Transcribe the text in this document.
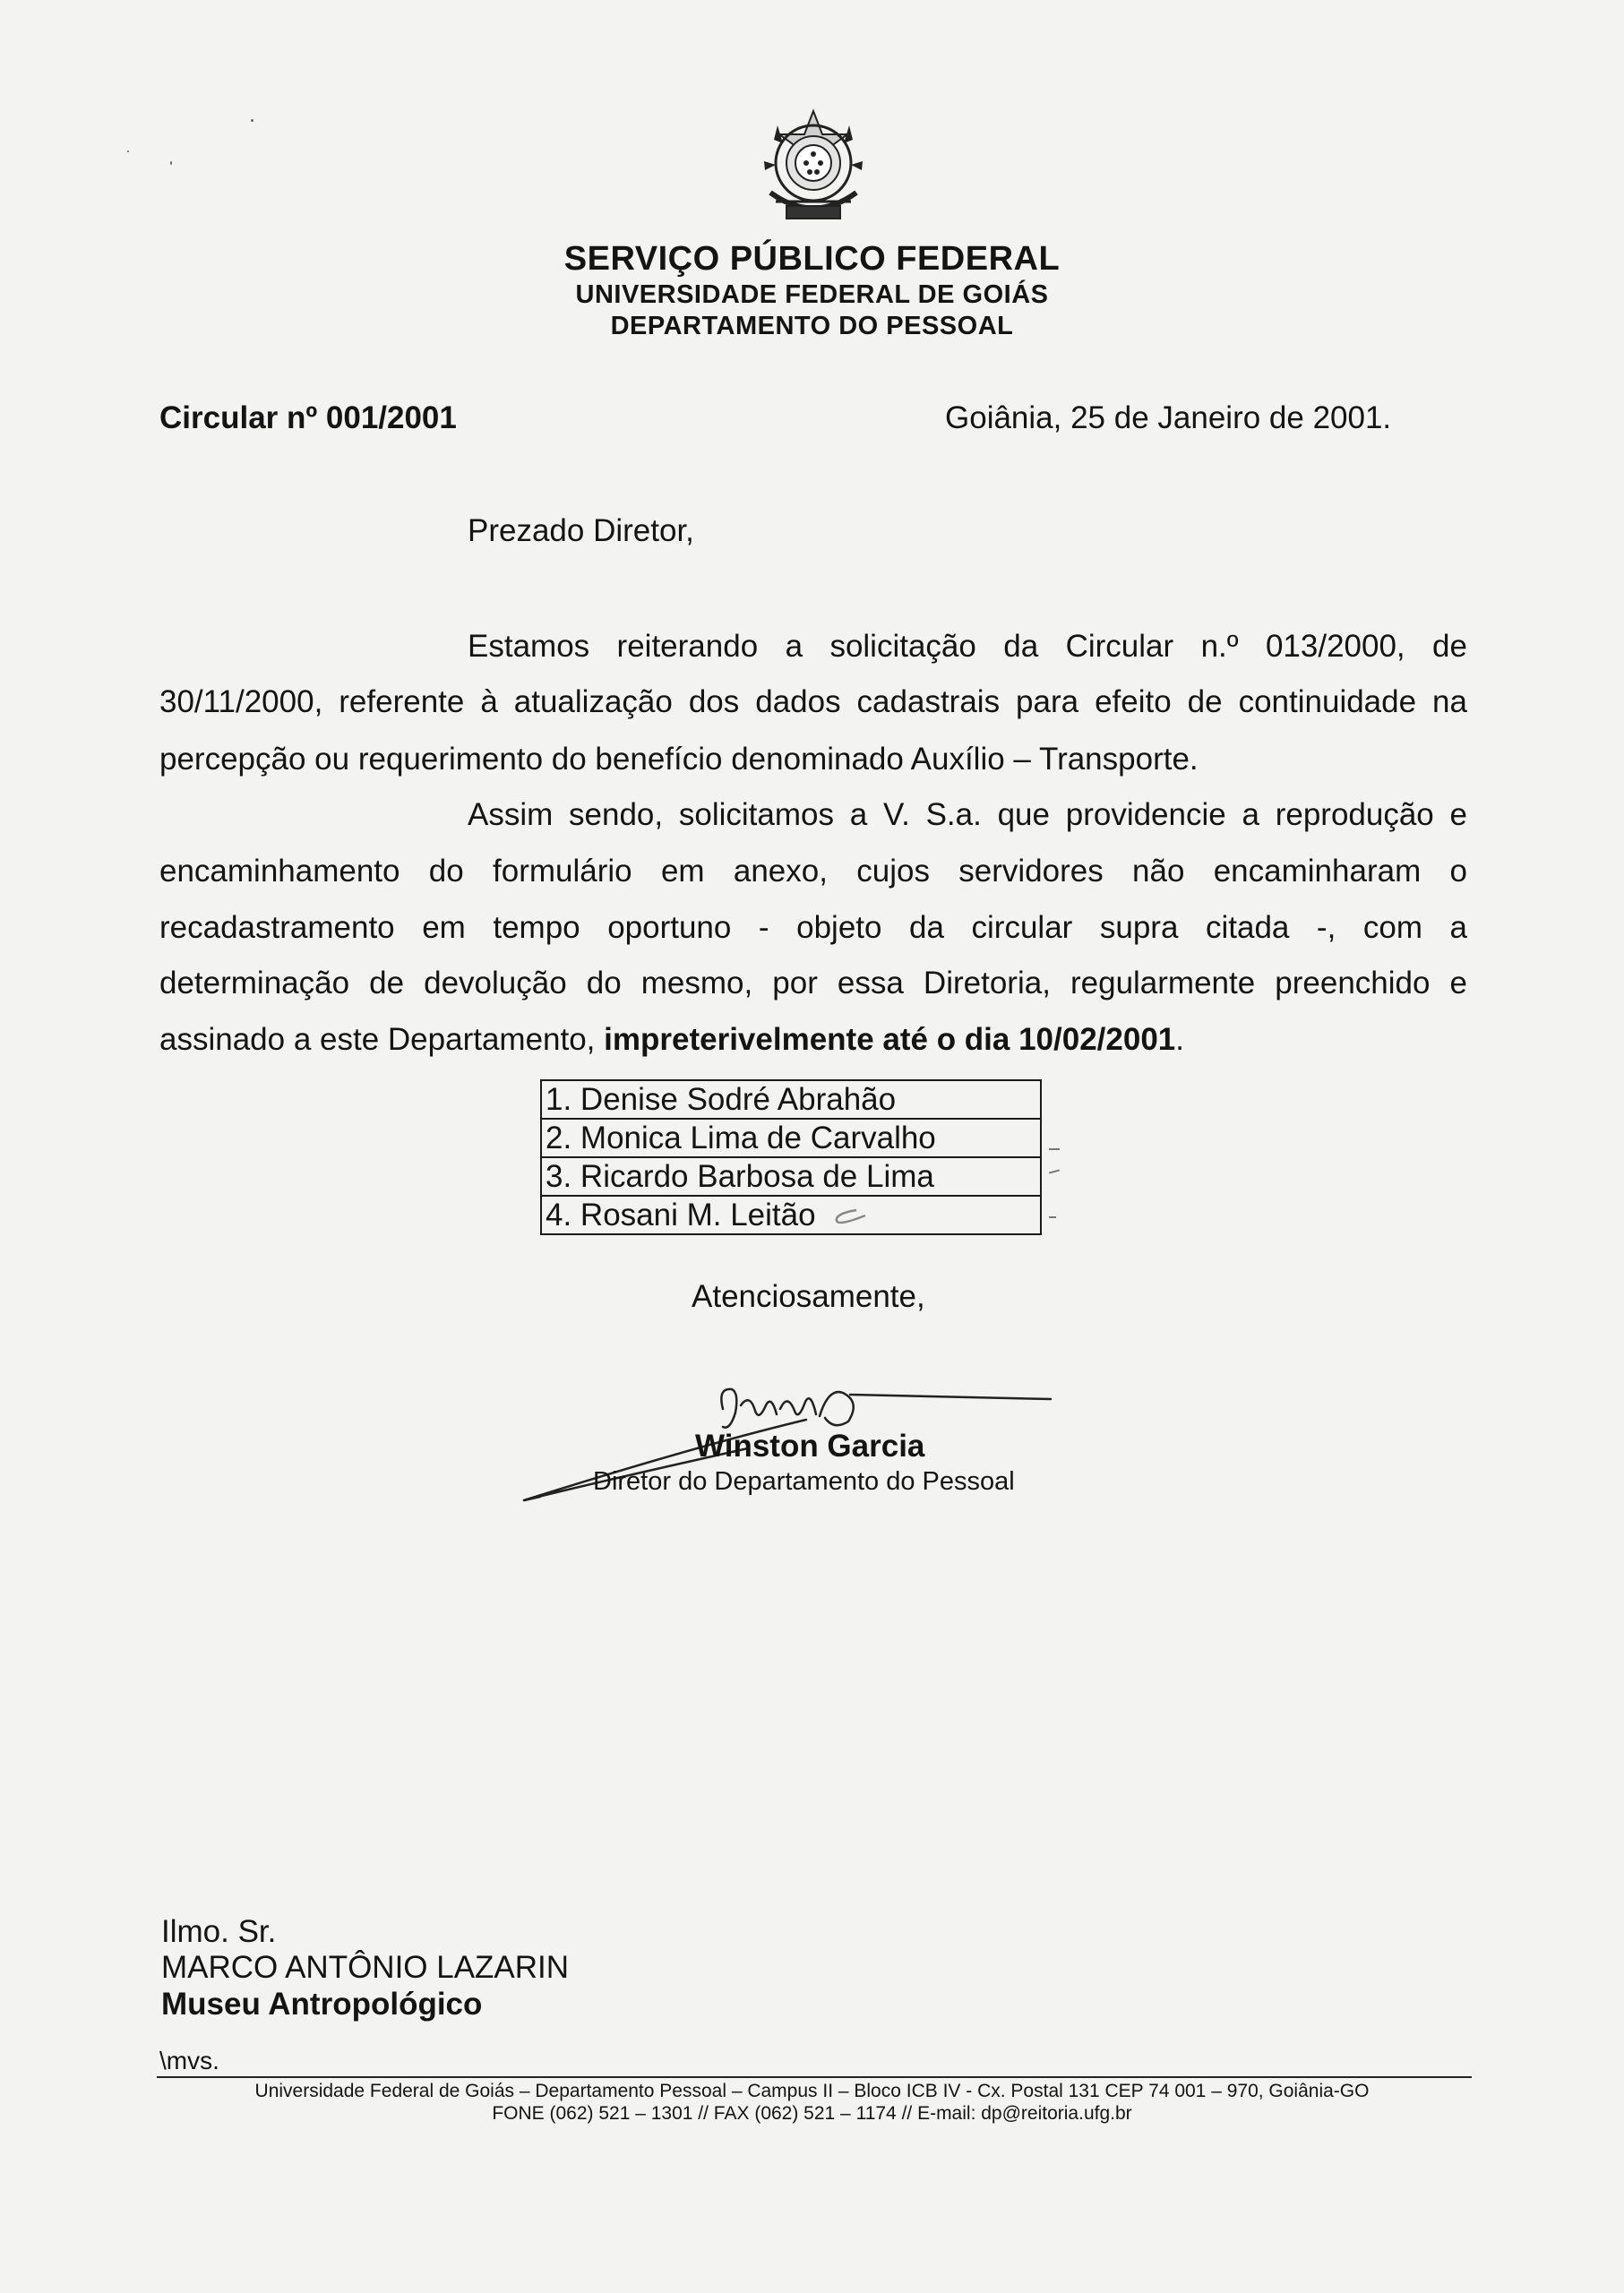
SERVIÇO PÚBLICO FEDERAL
UNIVERSIDADE FEDERAL DE GOIÁS
DEPARTAMENTO DO PESSOAL
Circular nº 001/2001	Goiânia, 25 de Janeiro de 2001.
Prezado Diretor,
Estamos reiterando a solicitação da Circular n.º 013/2000, de
30/11/2000, referente à atualização dos dados cadastrais para efeito de continuidade na
percepção ou requerimento do benefício denominado Auxílio – Transporte.
Assim sendo, solicitamos a V. S.a. que providencie a reprodução e
encaminhamento do formulário em anexo, cujos servidores não encaminharam o
recadastramento em tempo oportuno - objeto da circular supra citada -, com a
determinação de devolução do mesmo, por essa Diretoria, regularmente preenchido e
assinado a este Departamento, impreterivelmente até o dia 10/02/2001.
1. Denise Sodré Abrahão
2. Monica Lima de Carvalho
3. Ricardo Barbosa de Lima
4. Rosani M. Leitão
Atenciosamente,
Winston Garcia
Diretor do Departamento do Pessoal
Ilmo. Sr.
MARCO ANTÔNIO LAZARIN
Museu Antropológico
\mvs.
Universidade Federal de Goiás – Departamento Pessoal – Campus II – Bloco ICB IV - Cx. Postal 131 CEP 74 001 – 970, Goiânia-GO
FONE (062) 521 – 1301 // FAX (062) 521 – 1174 // E-mail: dp@reitoria.ufg.br
